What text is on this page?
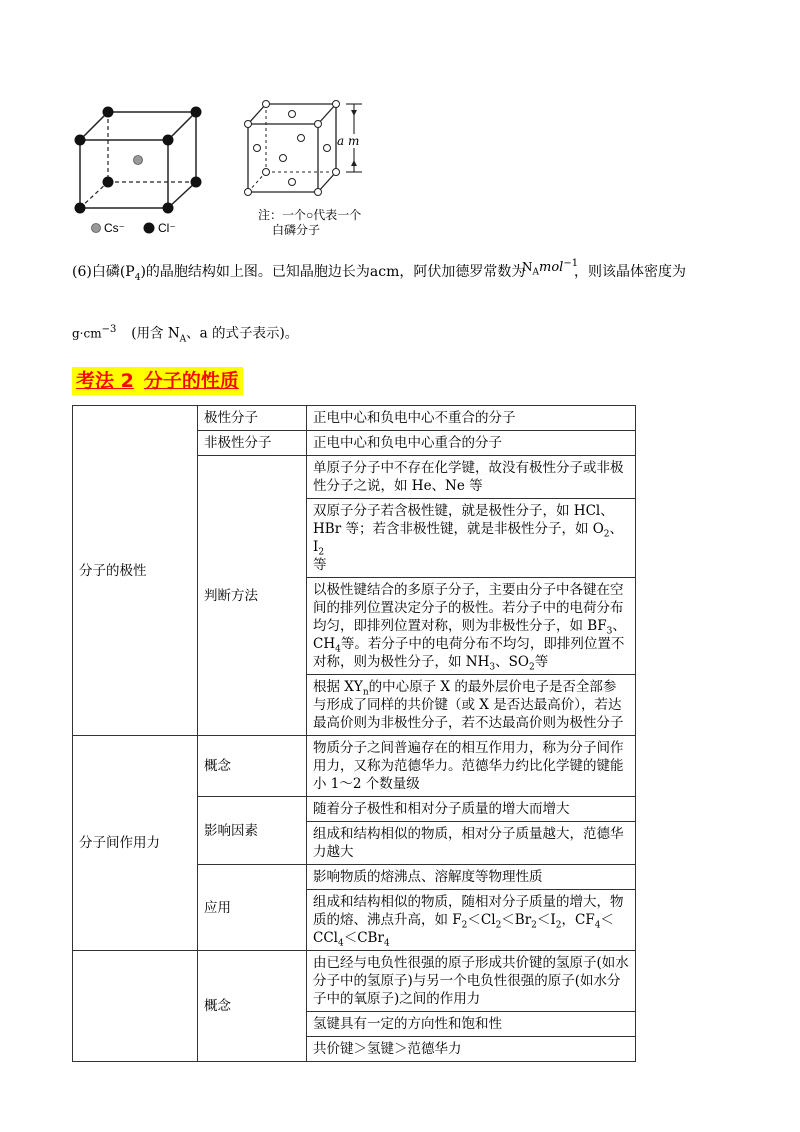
Cs⁻	Cl⁻
a m
注：一个○代表一个
白磷分子
(6)白磷$(P_4)$的晶胞结构如上图。已知晶胞边长为acm，阿伏加德罗常数为
$N_Amol^{-1}$
，则该晶体密度为
$g\cdot cm^{-3}$ (用含 $N_A$、a 的式子表示)。
考法 2 分子的性质
分子的极性	极性分子	正电中心和负电中心不重合的分子
	非极性分子	正电中心和负电中心重合的分子
	判断方法	单原子分子中不存在化学键，故没有极性分子或非极性分子之说，如 He、Ne 等
		双原子分子若含极性键，就是极性分子，如 HCl、HBr 等；若含非极性键，就是非极性分子，如 $O_2$、$I_2$
等
		以极性键结合的多原子分子，主要由分子中各键在空间的排列位置决定分子的极性。若分子中的电荷分布均匀，即排列位置对称，则为非极性分子，如 $BF_3$、$CH_4$等。若分子中的电荷分布不均匀，即排列位置不对称，则为极性分子，如 $NH_3$、$SO_2$等
		根据 $XY_n$的中心原子 X 的最外层价电子是否全部参与形成了同样的共价键（或 X 是否达最高价），若达最高价则为非极性分子，若不达最高价则为极性分子
分子间作用力	概念	物质分子之间普遍存在的相互作用力，称为分子间作用力，又称为范德华力。范德华力约比化学键的键能小 1～2 个数量级
	影响因素	随着分子极性和相对分子质量的增大而增大
		组成和结构相似的物质，相对分子质量越大，范德华力越大
	应用	影响物质的熔沸点、溶解度等物理性质
		组成和结构相似的物质，随相对分子质量的增大，物质的熔、沸点升高，如 $F_2<Cl_2<Br_2<I_2$，$CF_4<CCl_4<CBr_4$
	概念	由已经与电负性很强的原子形成共价键的氢原子(如水分子中的氢原子)与另一个电负性很强的原子(如水分子中的氧原子)之间的作用力
		氢键具有一定的方向性和饱和性
		共价键＞氢键＞范德华力
